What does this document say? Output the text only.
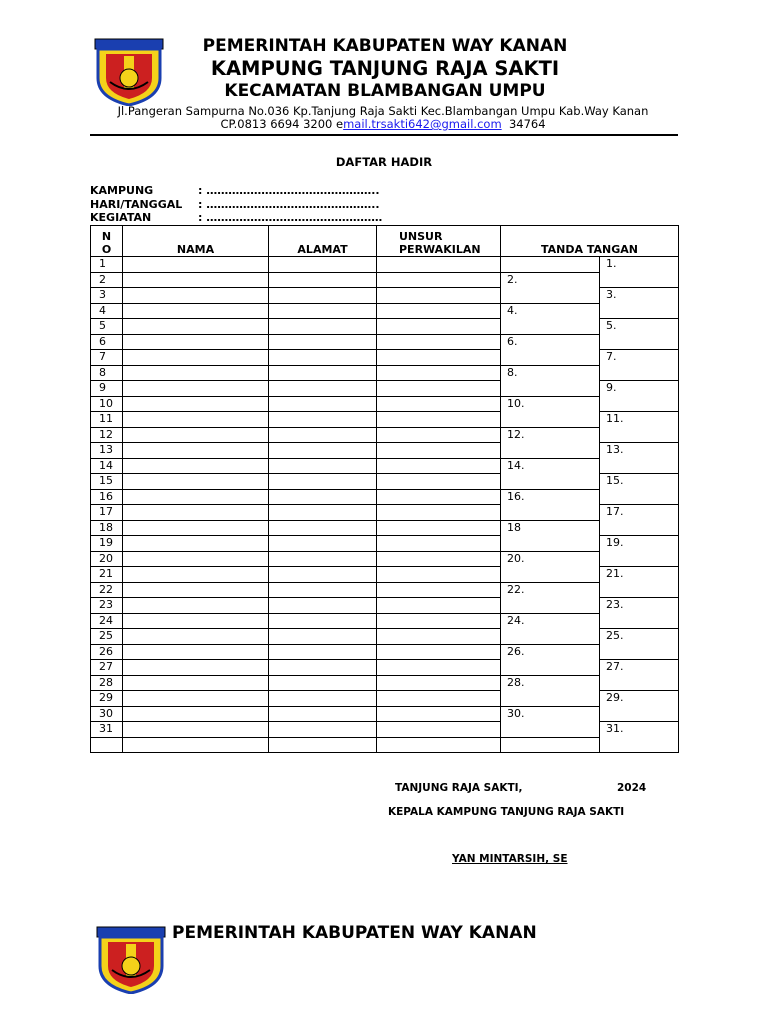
PEMERINTAH KABUPATEN WAY KANAN
KAMPUNG TANJUNG RAJA SAKTI
KECAMATAN BLAMBANGAN UMPU
Jl.Pangeran Sampurna No.036 Kp.Tanjung Raja Sakti Kec.Blambangan Umpu Kab.Way Kanan
CP.0813 6694 3200 email.trsakti642@gmail.com 34764
DAFTAR HADIR
KAMPUNG	: ………………………………………..
HARI/TANGGAL : ………………………………………..
KEGIATAN	: …………………………………………
N O	NAMA	ALAMAT	UNSUR PERWAKILAN	TANDA TANGAN	
1					1.
2				2.	
3					3.
4				4.	
5					5.
6				6.	
7					7.
8				8.	
9					9.
10				10.	
11					11.
12				12.	
13					13.
14				14.	
15					15.
16				16.	
17					17.
18				18	
19					19.
20				20.	
21					21.
22				22.	
23					23.
24				24.	
25					25.
26				26.	
27					27.
28				28.	
29					29.
30				30.	
31					31.

TANJUNG RAJA SAKTI,	2024
KEPALA KAMPUNG TANJUNG RAJA SAKTI
YAN MINTARSIH, SE
PEMERINTAH KABUPATEN WAY KANAN
